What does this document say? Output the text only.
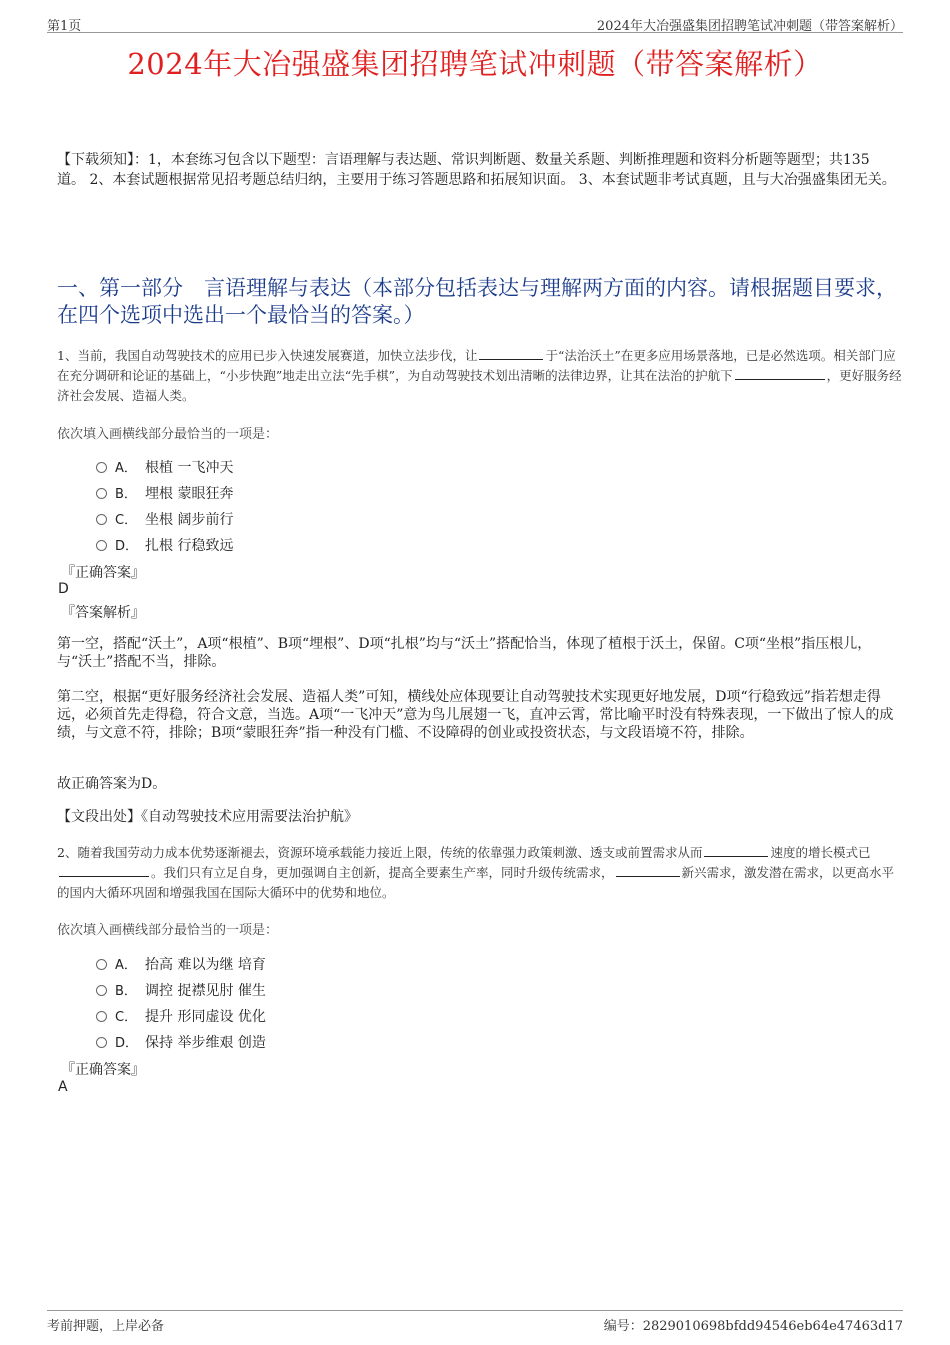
第1页	2024年大冶强盛集团招聘笔试冲刺题（带答案解析）
2024年大冶强盛集团招聘笔试冲刺题（带答案解析）
【下载须知】：1，本套练习包含以下题型：言语理解与表达题、常识判断题、数量关系题、判断推理题和资料分析题等题型；共135道。 2、本套试题根据常见招考题总结归纳，主要用于练习答题思路和拓展知识面。 3、本套试题非考试真题，且与大冶强盛集团无关。
一、第一部分　言语理解与表达（本部分包括表达与理解两方面的内容。请根据题目要求，在四个选项中选出一个最恰当的答案。）
1、当前，我国自动驾驶技术的应用已步入快速发展赛道，加快立法步伐，让	于“法治沃土”在更多应用场景落地，已是必然选项。相关部门应在充分调研和论证的基础上，“小步快跑”地走出立法“先手棋”，为自动驾驶技术划出清晰的法律边界，让其在法治的护航下	，更好服务经济社会发展、造福人类。
依次填入画横线部分最恰当的一项是：
A． 根植 一飞冲天
B． 埋根 蒙眼狂奔
C． 坐根 阔步前行
D． 扎根 行稳致远
『正确答案』
D
『答案解析』
第一空，搭配“沃土”，A项“根植”、B项“埋根”、D项“扎根”均与“沃土”搭配恰当，体现了植根于沃土，保留。C项“坐根”指压根儿，与“沃土”搭配不当，排除。
第二空，根据“更好服务经济社会发展、造福人类”可知，横线处应体现要让自动驾驶技术实现更好地发展，D项“行稳致远”指若想走得远，必须首先走得稳，符合文意，当选。A项“一飞冲天”意为鸟儿展翅一飞，直冲云霄，常比喻平时没有特殊表现，一下做出了惊人的成绩，与文意不符，排除；B项“蒙眼狂奔”指一种没有门槛、不设障碍的创业或投资状态，与文段语境不符，排除。
故正确答案为D。
【文段出处】《自动驾驶技术应用需要法治护航》
2、随着我国劳动力成本优势逐渐褪去，资源环境承载能力接近上限，传统的依靠强力政策刺激、透支或前置需求从而	速度的增长模式已。我们只有立足自身，更加强调自主创新，提高全要素生产率，同时升级传统需求，	新兴需求，激发潜在需求，以更高水平的国内大循环巩固和增强我国在国际大循环中的优势和地位。
依次填入画横线部分最恰当的一项是：
A． 抬高 难以为继 培育
B． 调控 捉襟见肘 催生
C． 提升 形同虚设 优化
D． 保持 举步维艰 创造
『正确答案』
A
考前押题，上岸必备	编号：2829010698bfdd94546eb64e47463d17
